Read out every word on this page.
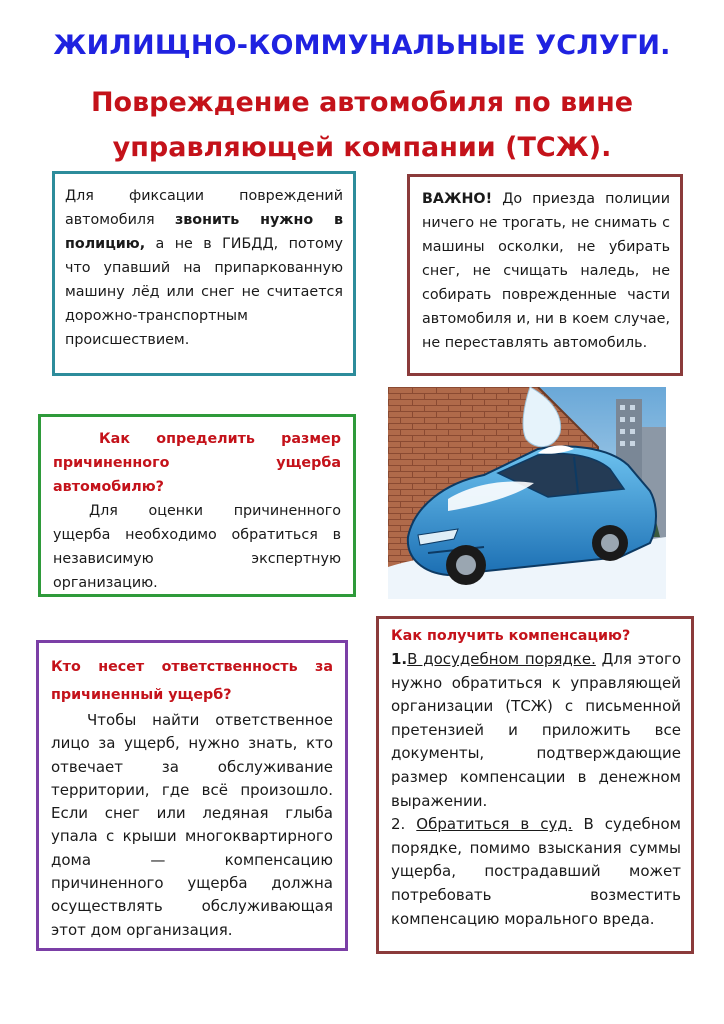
ЖИЛИЩНО-КОММУНАЛЬНЫЕ УСЛУГИ.
Повреждение автомобиля по вине
управляющей компании (ТСЖ).

Для фиксации повреждений автомобиля звонить нужно в полицию, а не в ГИБДД, потому что упавший на припаркованную машину лёд или снег не считается дорожно-транспортным происшествием.

ВАЖНО! До приезда полиции ничего не трогать, не снимать с машины осколки, не убирать снег, не счищать наледь, не собирать поврежденные части автомобиля и, ни в коем случае, не переставлять автомобиль.

Как определить размер причиненного ущерба автомобилю?

Для оценки причиненного ущерба необходимо обратиться в независимую экспертную организацию.

Кто несет ответственность за причиненный ущерб?

Чтобы найти ответственное лицо за ущерб, нужно знать, кто отвечает за обслуживание территории, где всё произошло. Если снег или ледяная глыба упала с крыши многоквартирного дома — компенсацию причиненного ущерба должна осуществлять обслуживающая этот дом организация.

Как получить компенсацию?

1.В досудебном порядке. Для этого нужно обратиться к управляющей организации (ТСЖ) с письменной претензией и приложить все документы, подтверждающие размер компенсации в денежном выражении.

2. Обратиться в суд. В судебном порядке, помимо взыскания суммы ущерба, пострадавший может потребовать возместить компенсацию морального вреда.
